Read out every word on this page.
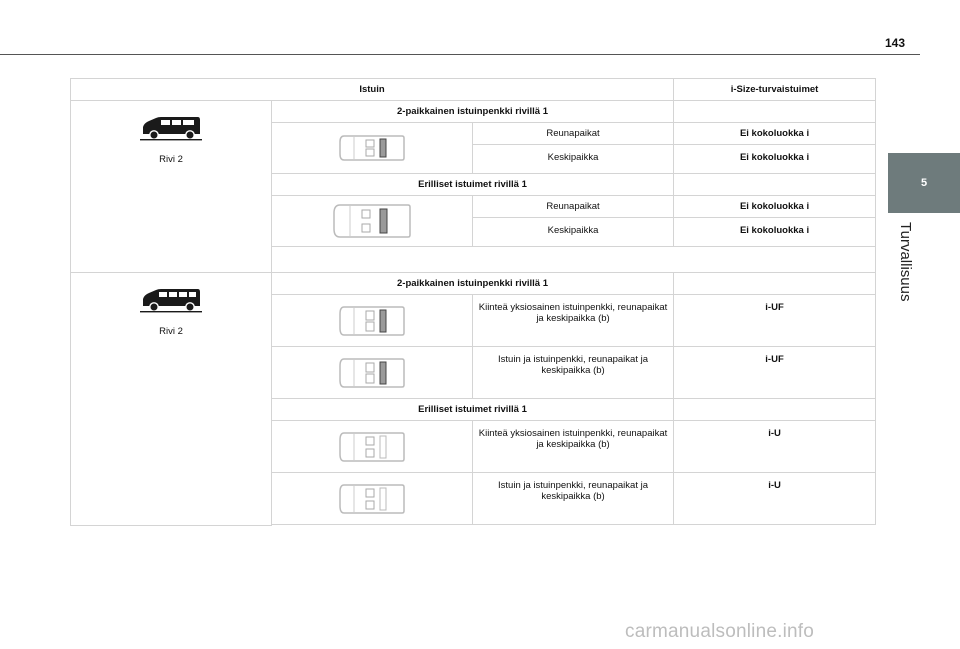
143
5
Turvallisuus
Istuin			i-Size-turvaistuimet

Rivi 2	2-paikkainen istuinpenkki rivillä 1		

	Reunapaikat	Ei kokoluokka i
		Keskipaikka	Ei kokoluokka i
	Erilliset istuimet rivillä 1		

	Reunapaikat	Ei kokoluokka i
		Keskipaikka	Ei kokoluokka i

Rivi 2	2-paikkainen istuinpenkki rivillä 1		

	Kiinteä yksiosainen istuinpenkki, reunapaikat ja keskipaikka (b)	i-UF

	Istuin ja istuinpenkki, reunapaikat ja keskipaikka (b)	i-UF
	Erilliset istuimet rivillä 1		

	Kiinteä yksiosainen istuinpenkki, reunapaikat ja keskipaikka (b)	i-U

	Istuin ja istuinpenkki, reunapaikat ja keskipaikka (b)	i-U

carmanualsonline.info
